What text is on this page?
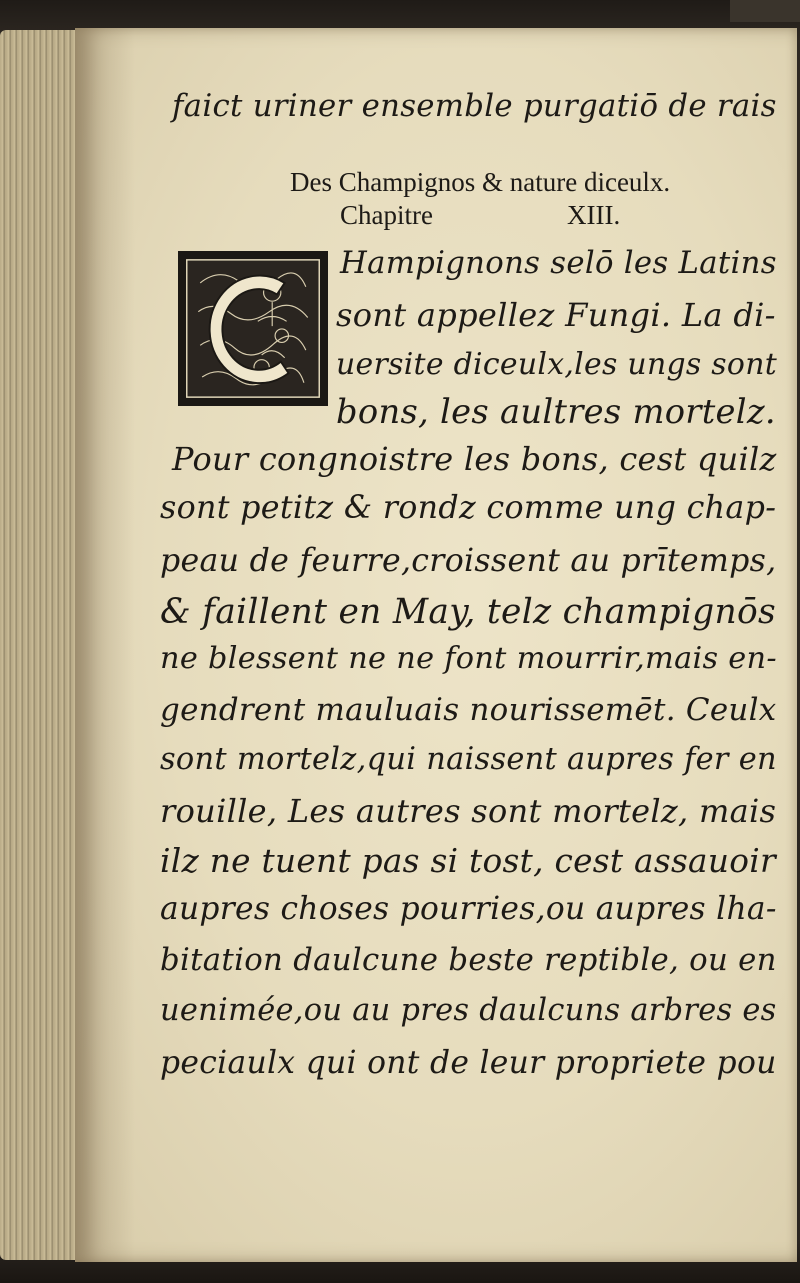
faict uriner ensemble purgatiō de rais
Des Champignos & nature diceulx.
Chapitre	XIII.
Hampignons selō les Latins
sont appellez Fungi. La di-
uersite diceulx,les ungs sont
bons, les aultres mortelz.
Pour congnoistre les bons, cest quilz
sont petitz & rondz comme ung chap-
peau de feurre,croissent au prītemps,
& faillent en May, telz champignōs
ne blessent ne ne font mourrir,mais en-
gendrent mauluais nourissemēt. Ceulx
sont mortelz,qui naissent aupres fer en
rouille, Les autres sont mortelz, mais
ilz ne tuent pas si tost, cest assauoir
aupres choses pourries,ou aupres lha-
bitation daulcune beste reptible, ou en
uenimée,ou au pres daulcuns arbres es
peciaulx qui ont de leur propriete pou
